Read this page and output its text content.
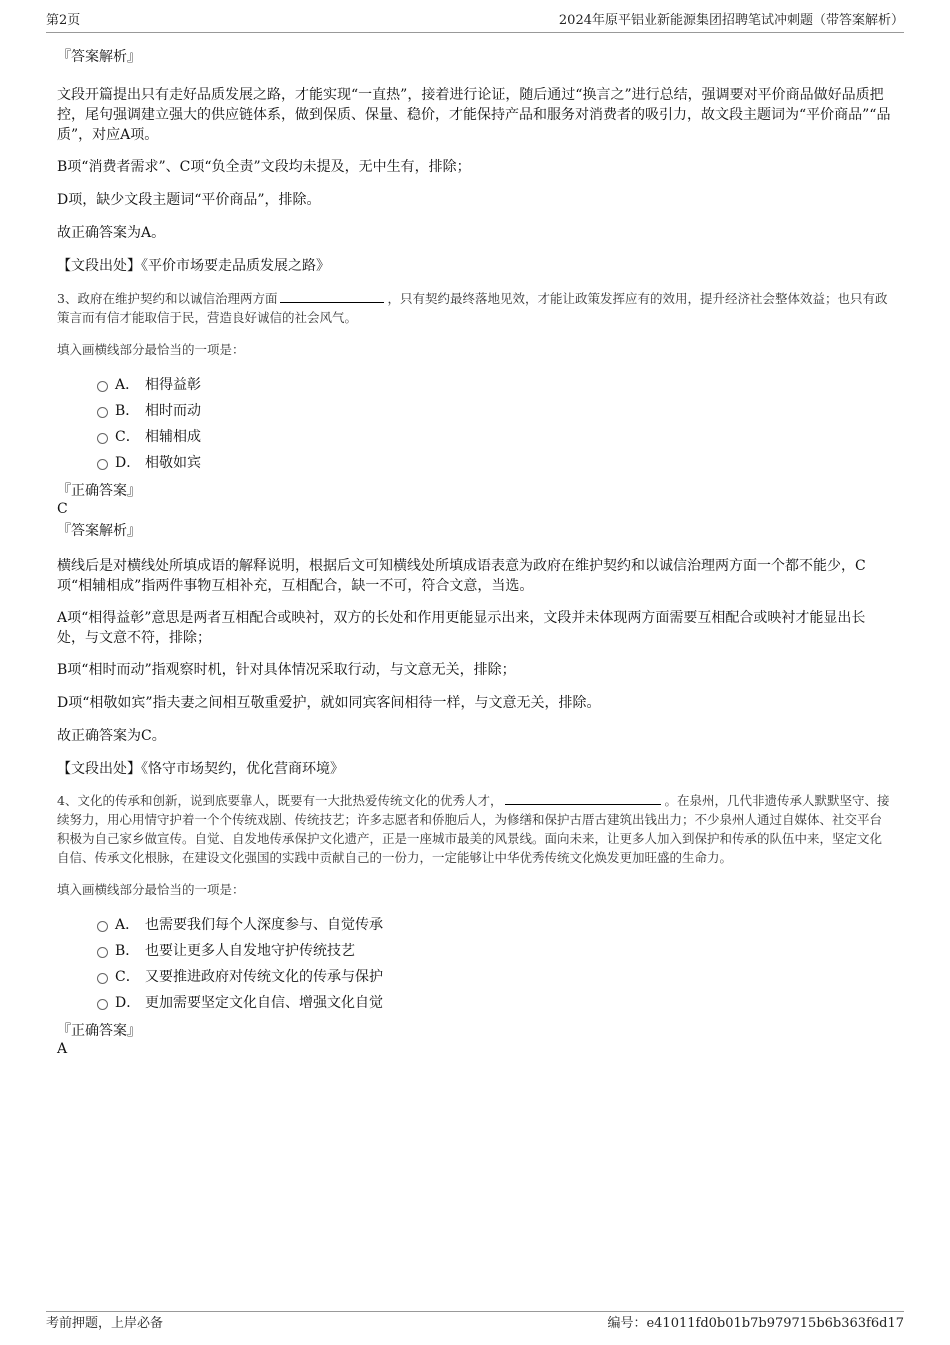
第2页	2024年原平铝业新能源集团招聘笔试冲刺题（带答案解析）

『答案解析』

文段开篇提出只有走好品质发展之路，才能实现“一直热”，接着进行论证，随后通过“换言之”进行总结，强调要对平价商品做好品质把控，尾句强调建立强大的供应链体系，做到保质、保量、稳价，才能保持产品和服务对消费者的吸引力，故文段主题词为“平价商品”“品质”，对应A项。

B项“消费者需求”、C项“负全责”文段均未提及，无中生有，排除；

D项，缺少文段主题词“平价商品”，排除。

故正确答案为A。

【文段出处】《平价市场要走品质发展之路》

3、政府在维护契约和以诚信治理两方面	，只有契约最终落地见效，才能让政策发挥应有的效用，提升经济社会整体效益；也只有政策言而有信才能取信于民，营造良好诚信的社会风气。

填入画横线部分最恰当的一项是：

A． 相得益彰
B． 相时而动
C． 相辅相成
D． 相敬如宾

『正确答案』

C

『答案解析』

横线后是对横线处所填成语的解释说明，根据后文可知横线处所填成语表意为政府在维护契约和以诚信治理两方面一个都不能少，C项“相辅相成”指两件事物互相补充，互相配合，缺一不可，符合文意，当选。

A项“相得益彰”意思是两者互相配合或映衬，双方的长处和作用更能显示出来，文段并未体现两方面需要互相配合或映衬才能显出长处，与文意不符，排除；

B项“相时而动”指观察时机，针对具体情况采取行动，与文意无关，排除；

D项“相敬如宾”指夫妻之间相互敬重爱护，就如同宾客间相待一样，与文意无关，排除。

故正确答案为C。

【文段出处】《恪守市场契约，优化营商环境》

4、文化的传承和创新，说到底要靠人，既要有一大批热爱传统文化的优秀人才，	。在泉州，几代非遗传承人默默坚守、接续努力，用心用情守护着一个个传统戏剧、传统技艺；许多志愿者和侨胞后人，为修缮和保护古厝古建筑出钱出力；不少泉州人通过自媒体、社交平台积极为自己家乡做宣传。自觉、自发地传承保护文化遗产，正是一座城市最美的风景线。面向未来，让更多人加入到保护和传承的队伍中来，坚定文化自信、传承文化根脉，在建设文化强国的实践中贡献自己的一份力，一定能够让中华优秀传统文化焕发更加旺盛的生命力。

填入画横线部分最恰当的一项是：

A． 也需要我们每个人深度参与、自觉传承
B． 也要让更多人自发地守护传统技艺
C． 又要推进政府对传统文化的传承与保护
D． 更加需要坚定文化自信、增强文化自觉

『正确答案』

A

考前押题，上岸必备	编号：e41011fd0b01b7b979715b6b363f6d17
